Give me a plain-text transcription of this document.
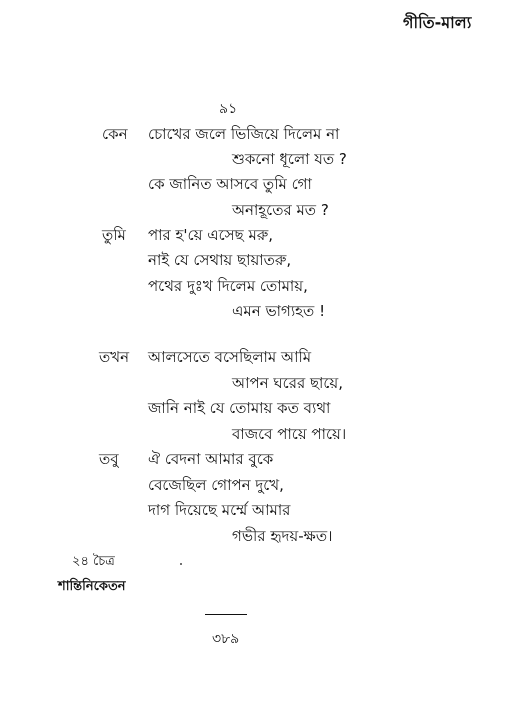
গীতি-মাল্য
৯১
কেন চোখের জলে ভিজিয়ে দিলেম না
শুকনো ধূলো যত ?
কে জানিত আসবে তুমি গো
অনাহূতের মত ?
তুমি পার হ'য়ে এসেছ মরু,
নাই যে সেথায় ছায়াতরু,
পথের দুঃখ দিলেম তোমায়,
এমন ভাগ্যহত !
তখন আলসেতে বসেছিলাম আমি
আপন ঘরের ছায়ে,
জানি নাই যে তোমায় কত ব্যথা
বাজবে পায়ে পায়ে।
তবু ঐ বেদনা আমার বুকে
বেজেছিল গোপন দুখে,
দাগ দিয়েছে মর্ম্মে আমার
গভীর হৃদয়-ক্ষত।
২৪ চৈত্র
শান্তিনিকেতন
৩৮৯
